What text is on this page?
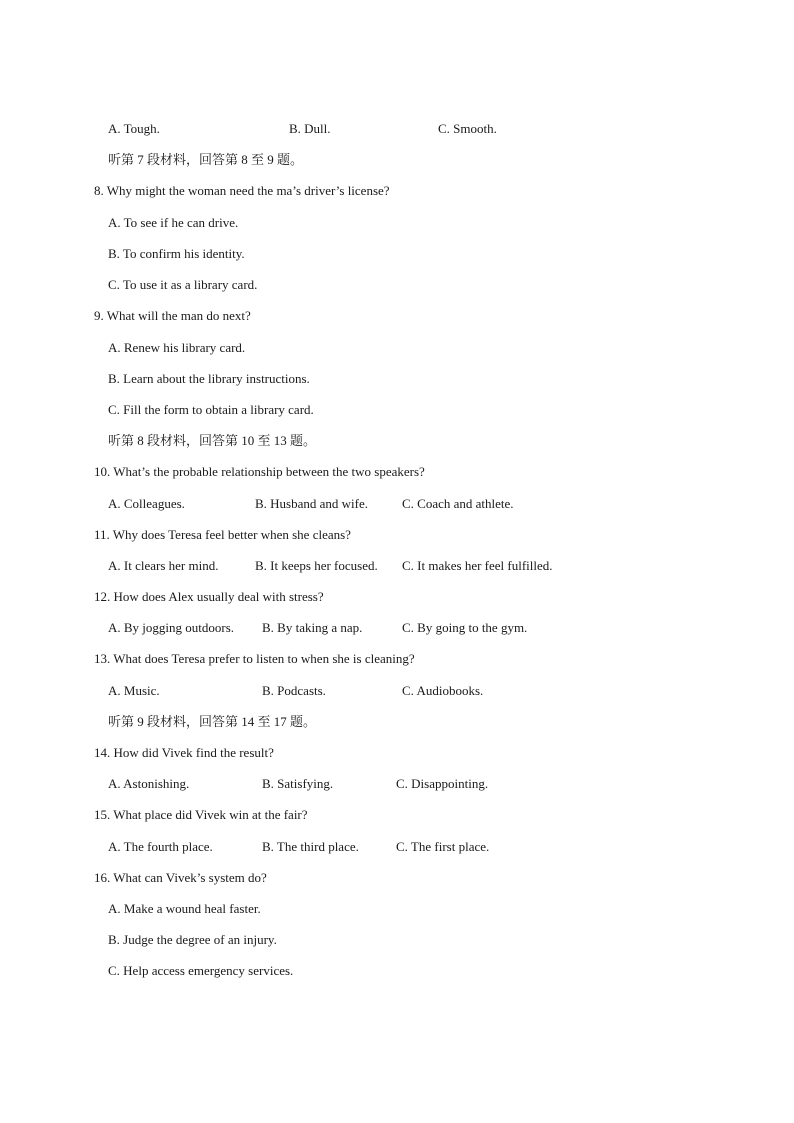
A. Tough.	B. Dull.	C. Smooth.
听第 7 段材料，回答第 8 至 9 题。
8. Why might the woman need the ma’s driver’s license?
A. To see if he can drive.
B. To confirm his identity.
C. To use it as a library card.
9. What will the man do next?
A. Renew his library card.
B. Learn about the library instructions.
C. Fill the form to obtain a library card.
听第 8 段材料，回答第 10 至 13 题。
10. What’s the probable relationship between the two speakers?
A. Colleagues.	B. Husband and wife.	C. Coach and athlete.
11. Why does Teresa feel better when she cleans?
A. It clears her mind.	B. It keeps her focused. C. It makes her feel fulfilled.
12. How does Alex usually deal with stress?
A. By jogging outdoors. B. By taking a nap.	C. By going to the gym.
13. What does Teresa prefer to listen to when she is cleaning?
A. Music.	B. Podcasts.	C. Audiobooks.
听第 9 段材料，回答第 14 至 17 题。
14. How did Vivek find the result?
A. Astonishing.	B. Satisfying.	C. Disappointing.
15. What place did Vivek win at the fair?
A. The fourth place.	B. The third place.	C. The first place.
16. What can Vivek’s system do?
A. Make a wound heal faster.
B. Judge the degree of an injury.
C. Help access emergency services.
